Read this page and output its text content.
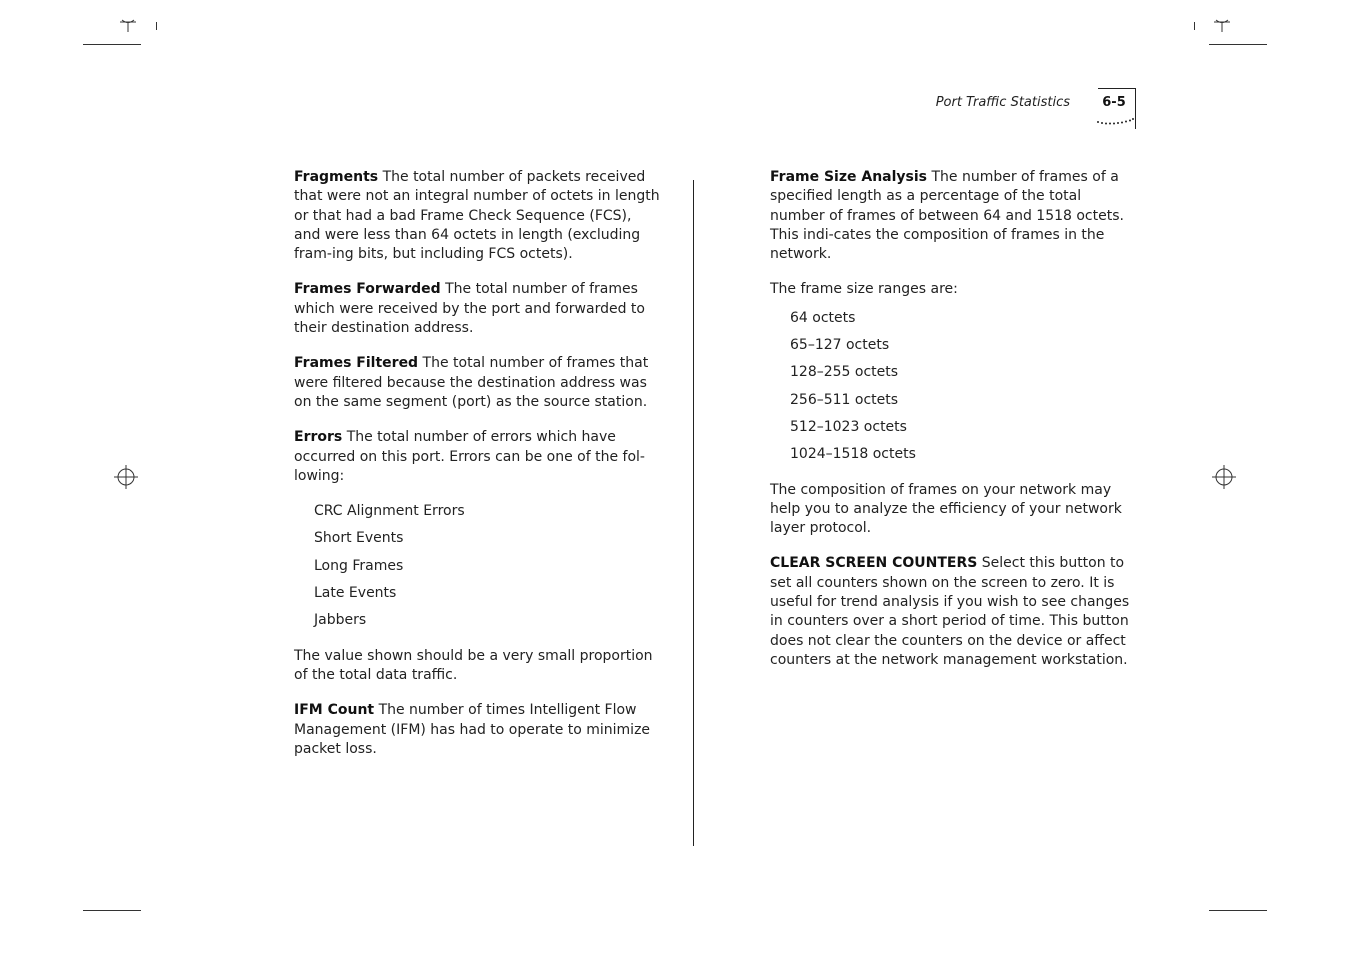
Port Traffic Statistics	6-5

Fragments The total number of packets received that were not an integral number of octets in length or that had a bad Frame Check Sequence (FCS), and were less than 64 octets in length (excluding fram-ing bits, but including FCS octets).

Frames Forwarded The total number of frames which were received by the port and forwarded to their destination address.

Frames Filtered The total number of frames that were filtered because the destination address was on the same segment (port) as the source station.

Errors The total number of errors which have occurred on this port. Errors can be one of the fol-lowing:

CRC Alignment Errors
Short Events
Long Frames
Late Events
Jabbers

The value shown should be a very small proportion of the total data traffic.

IFM Count The number of times Intelligent Flow Management (IFM) has had to operate to minimize packet loss.

Frame Size Analysis The number of frames of a specified length as a percentage of the total number of frames of between 64 and 1518 octets. This indi-cates the composition of frames in the network.

The frame size ranges are:

64 octets
65–127 octets
128–255 octets
256–511 octets
512–1023 octets
1024–1518 octets

The composition of frames on your network may help you to analyze the efficiency of your network layer protocol.

CLEAR SCREEN COUNTERS Select this button to set all counters shown on the screen to zero. It is useful for trend analysis if you wish to see changes in counters over a short period of time. This button does not clear the counters on the device or affect counters at the network management workstation.
